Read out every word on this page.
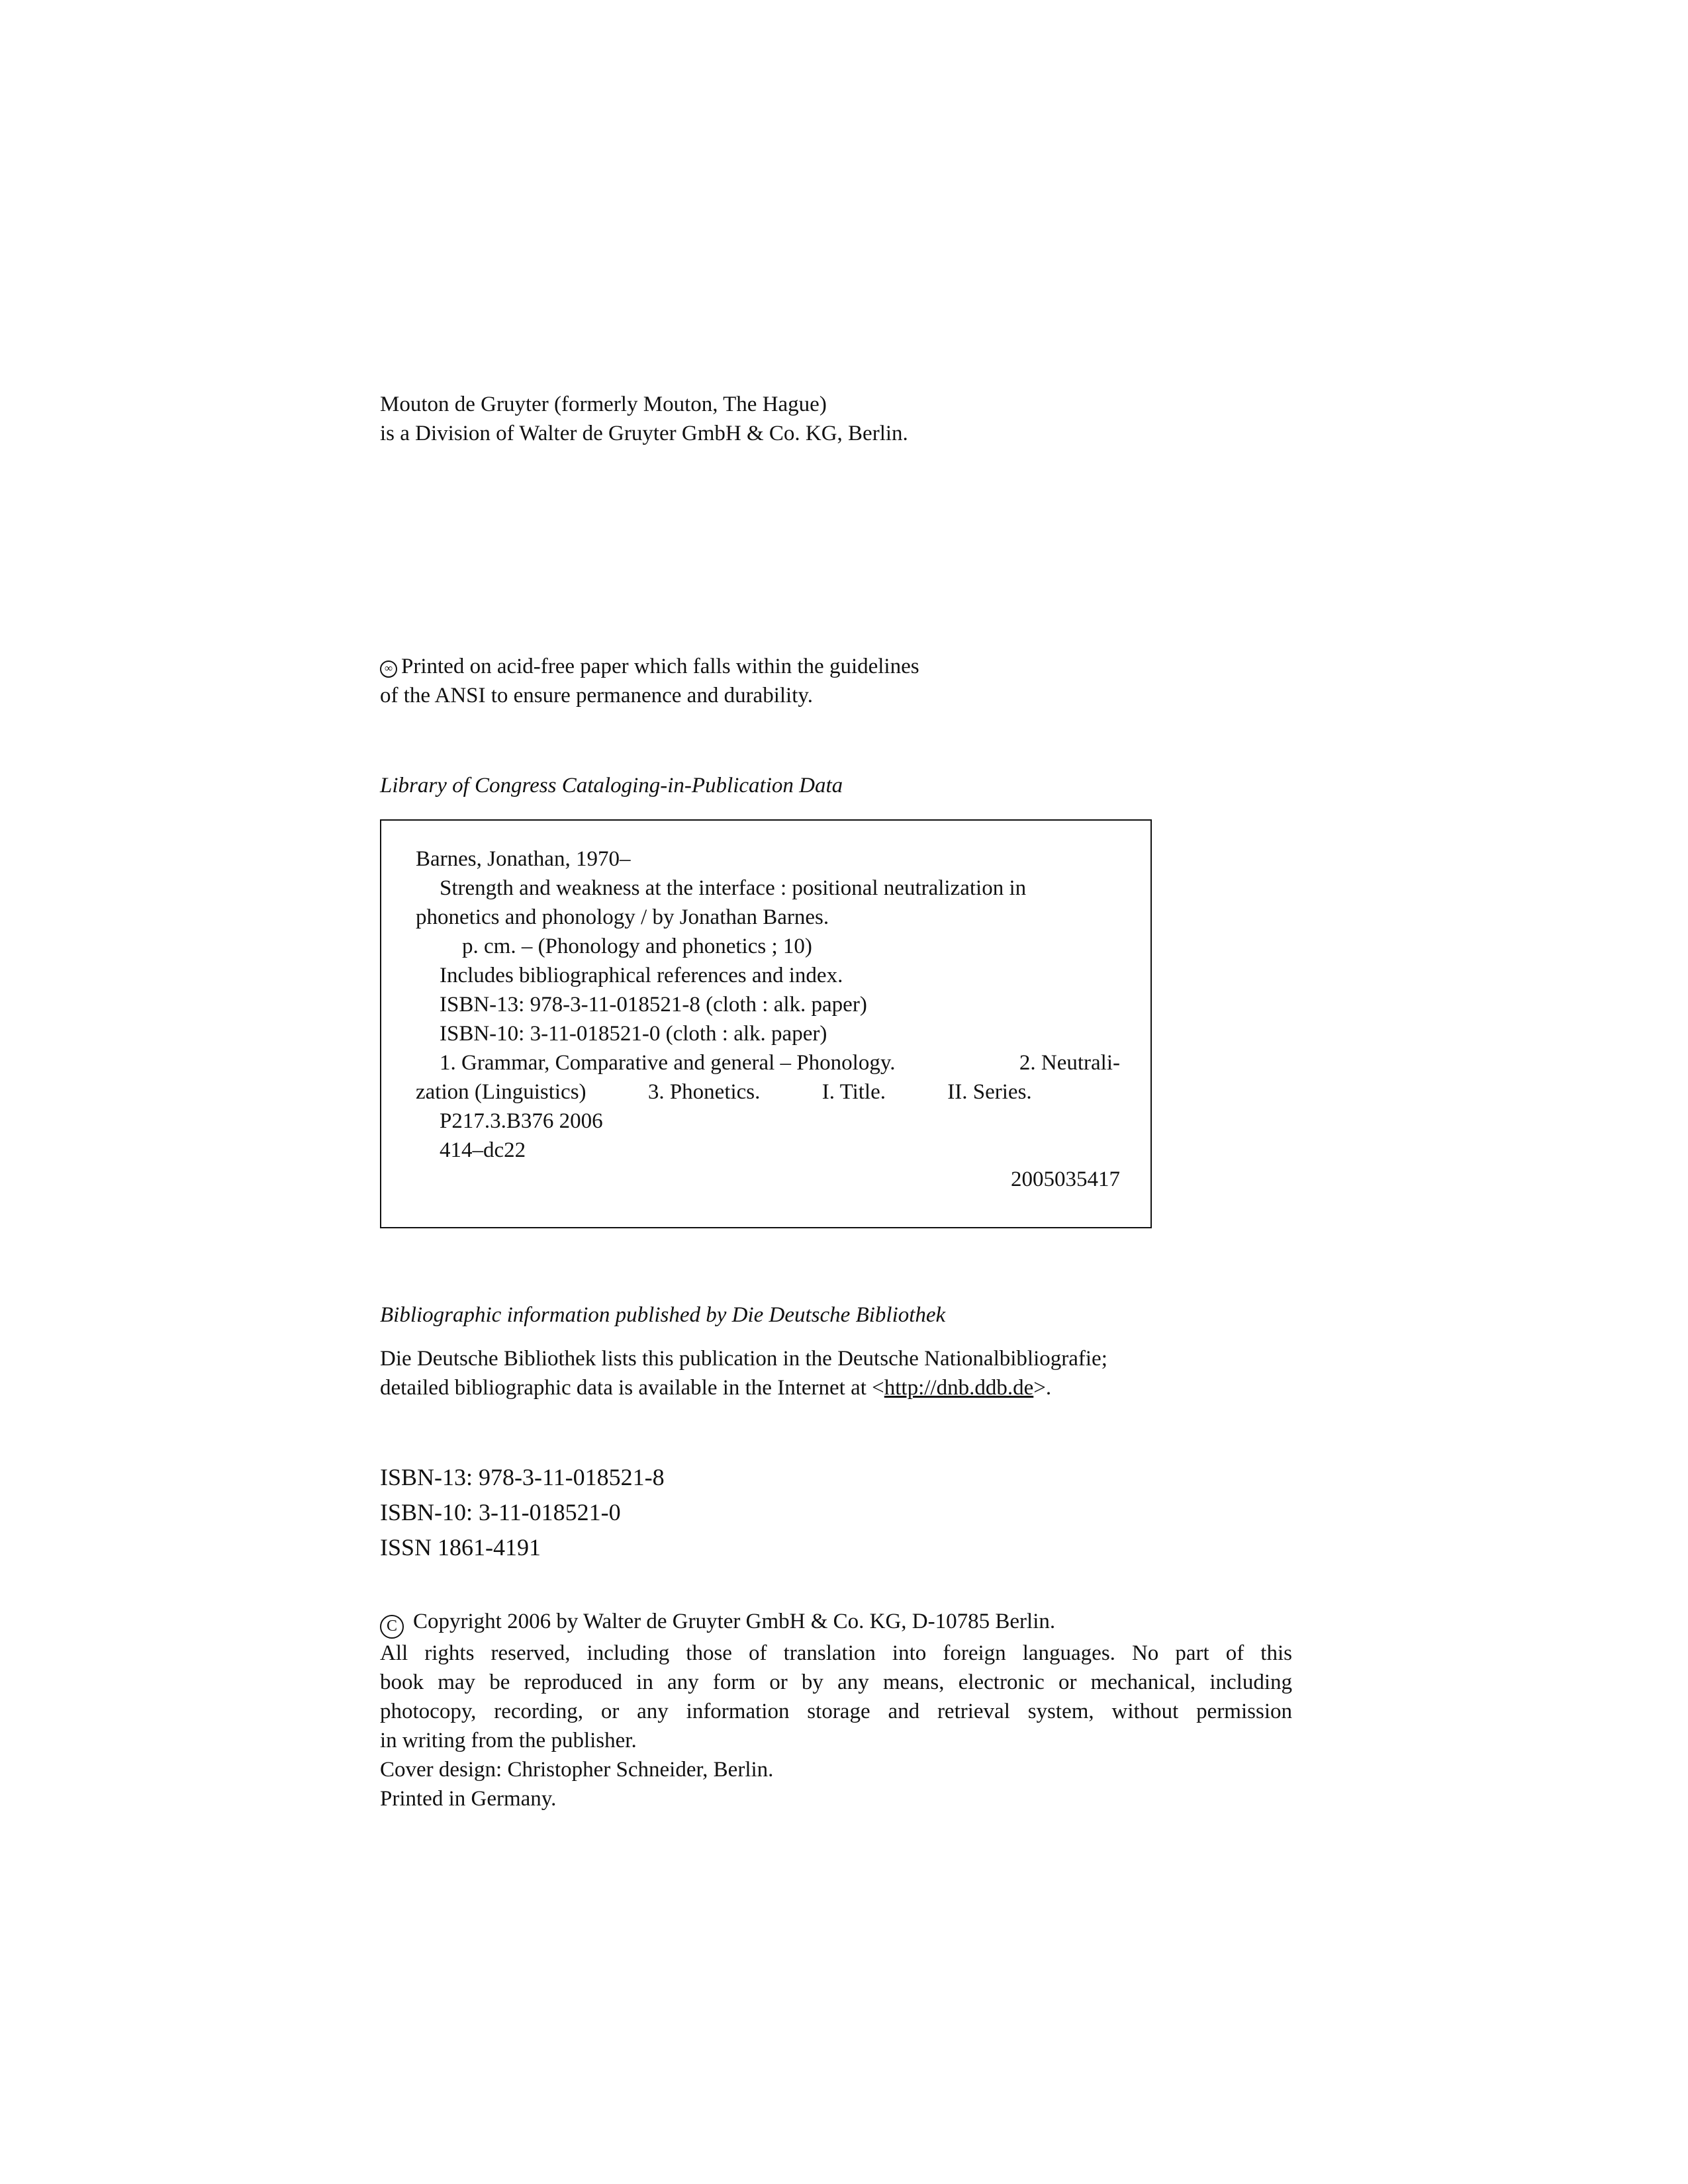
Mouton de Gruyter (formerly Mouton, The Hague)
is a Division of Walter de Gruyter GmbH & Co. KG, Berlin.
∞ Printed on acid-free paper which falls within the guidelines
of the ANSI to ensure permanence and durability.
Library of Congress Cataloging-in-Publication Data
Barnes, Jonathan, 1970–
Strength and weakness at the interface : positional neutralization in
phonetics and phonology / by Jonathan Barnes.
p. cm. – (Phonology and phonetics ; 10)
Includes bibliographical references and index.
ISBN-13: 978-3-11-018521-8 (cloth : alk. paper)
ISBN-10: 3-11-018521-0 (cloth : alk. paper)
1. Grammar, Comparative and general – Phonology.	2. Neutrali-
zation (Linguistics)	3. Phonetics.	I. Title.	II. Series.
P217.3.B376 2006
414–dc22
2005035417
Bibliographic information published by Die Deutsche Bibliothek
Die Deutsche Bibliothek lists this publication in the Deutsche Nationalbibliografie;
detailed bibliographic data is available in the Internet at <http://dnb.ddb.de>.
ISBN-13: 978-3-11-018521-8
ISBN-10: 3-11-018521-0
ISSN 1861-4191
C Copyright 2006 by Walter de Gruyter GmbH & Co. KG, D-10785 Berlin.
All rights reserved, including those of translation into foreign languages. No part of this
book may be reproduced in any form or by any means, electronic or mechanical, including
photocopy, recording, or any information storage and retrieval system, without permission
in writing from the publisher.
Cover design: Christopher Schneider, Berlin.
Printed in Germany.
